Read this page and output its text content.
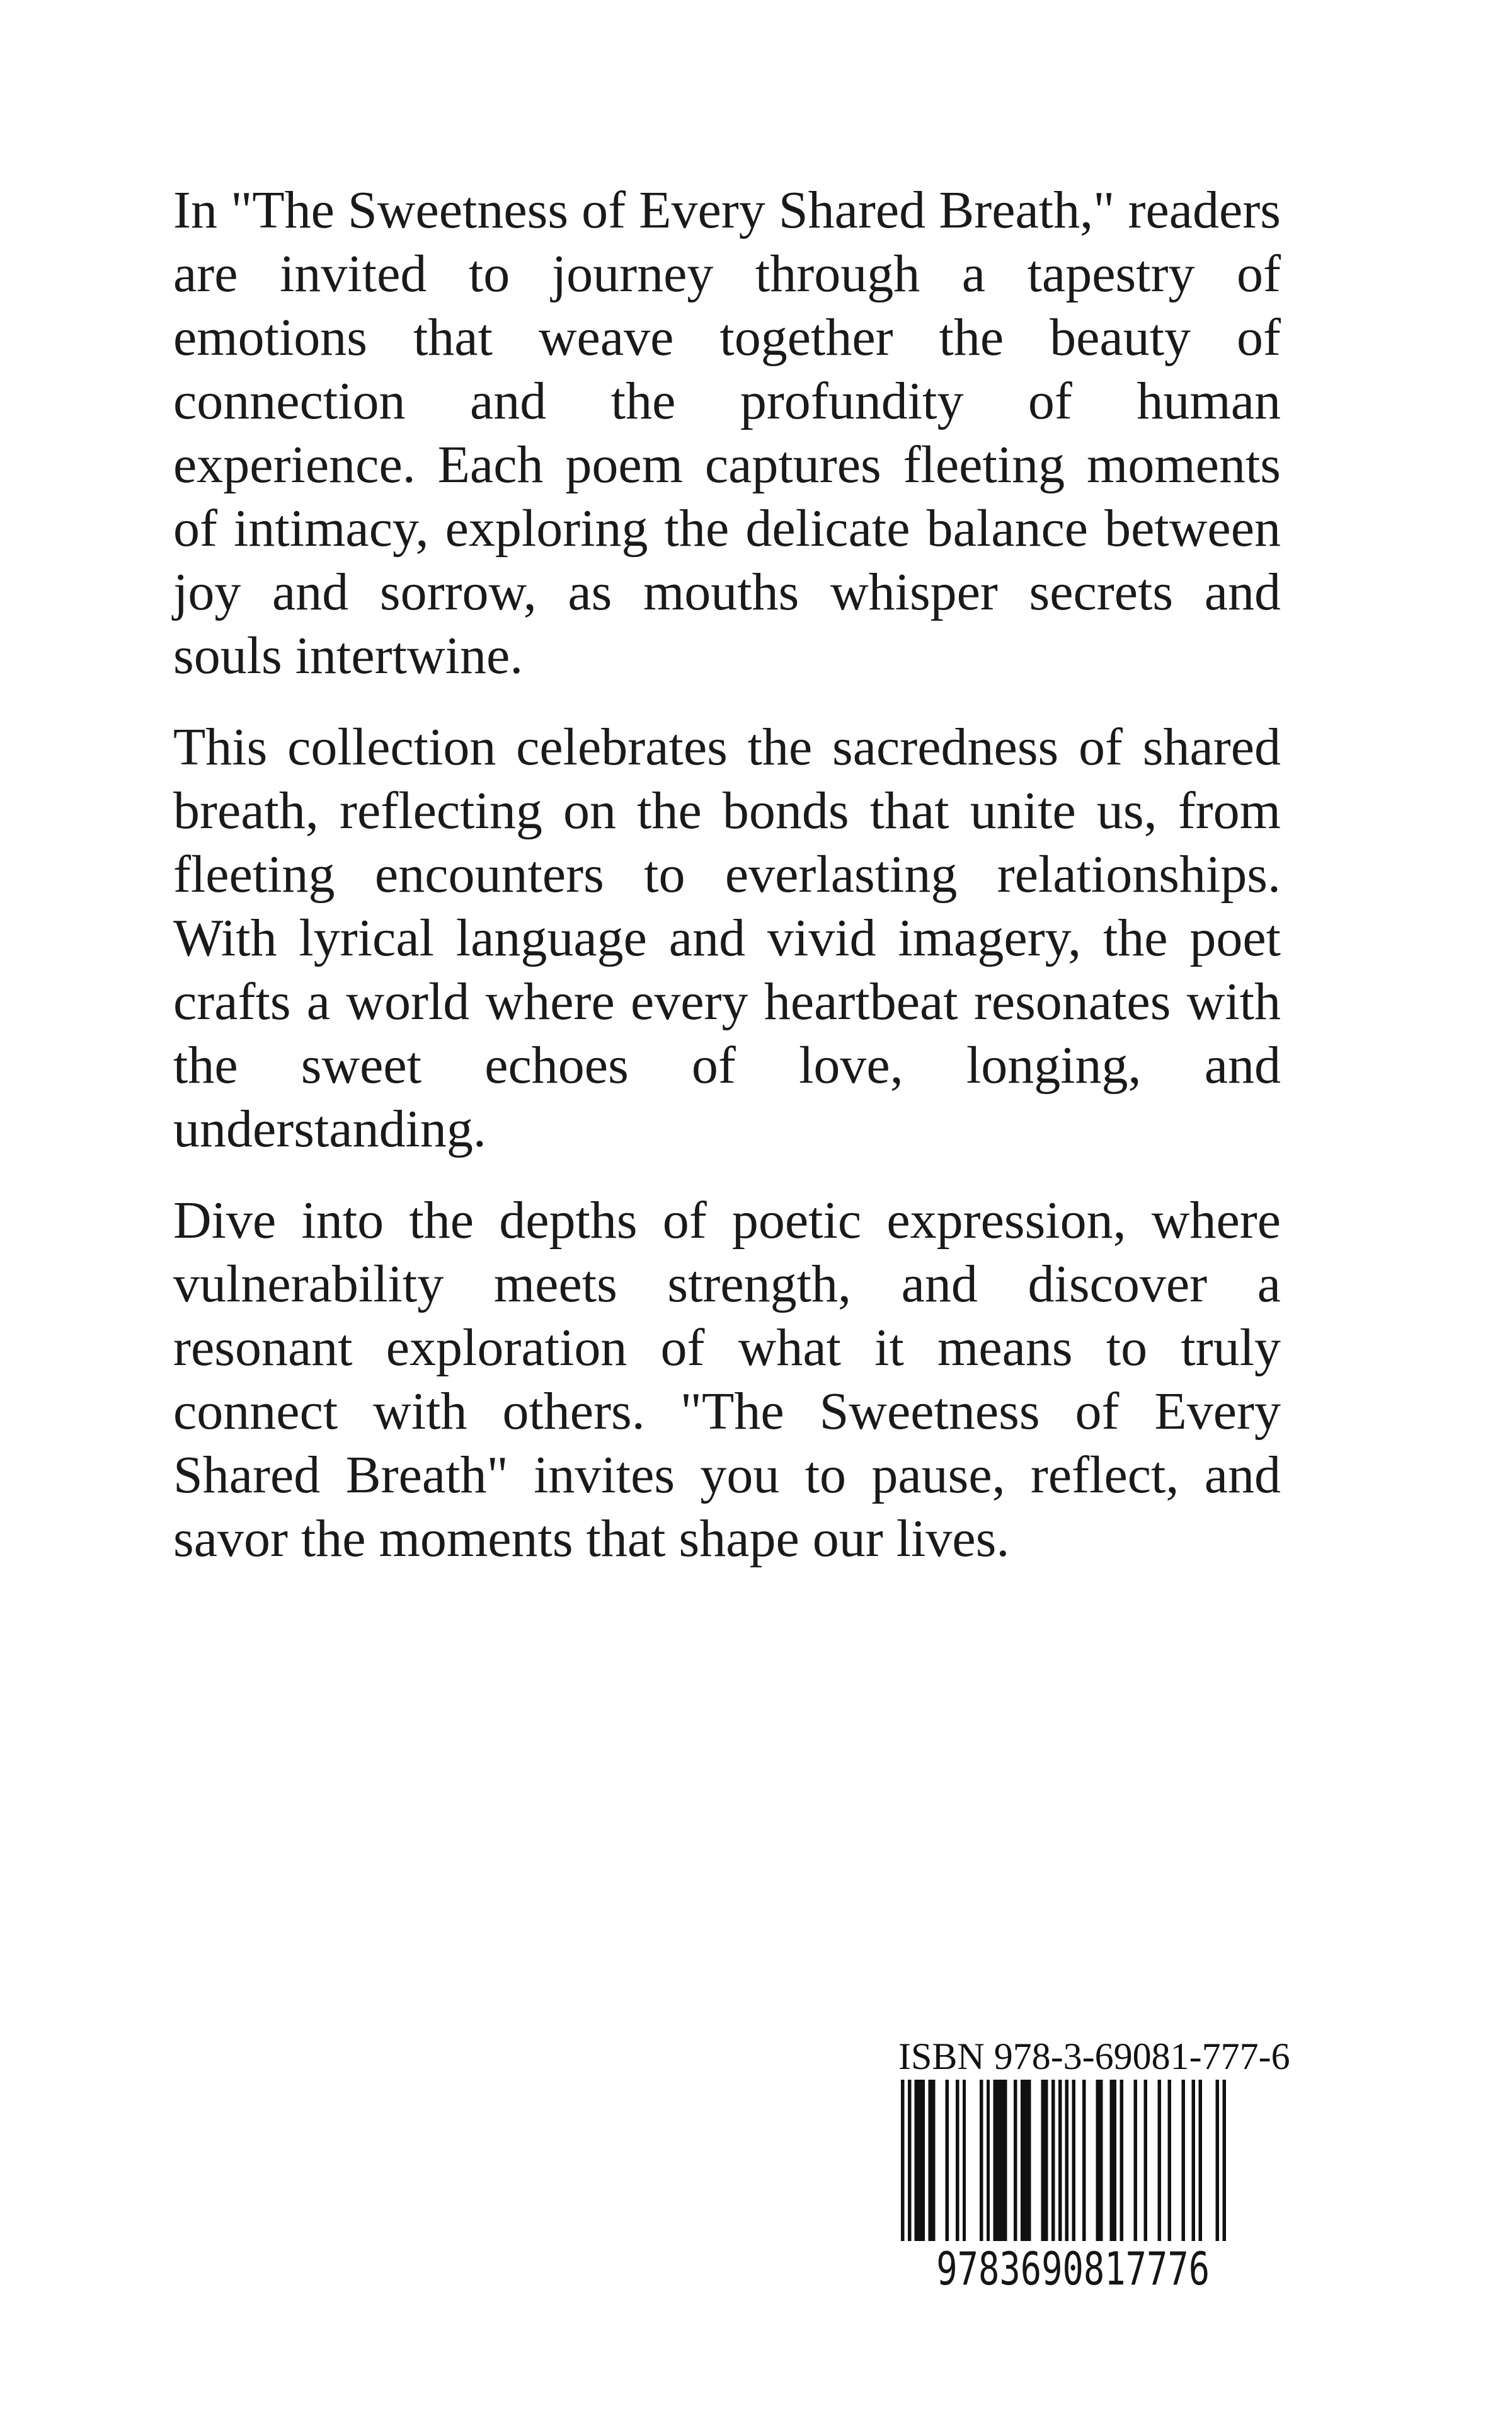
In "The Sweetness of Every Shared Breath," readers
are invited to journey through a tapestry of
emotions that weave together the beauty of
connection and the profundity of human
experience. Each poem captures fleeting moments
of intimacy, exploring the delicate balance between
joy and sorrow, as mouths whisper secrets and
souls intertwine.

This collection celebrates the sacredness of shared
breath, reflecting on the bonds that unite us, from
fleeting encounters to everlasting relationships.
With lyrical language and vivid imagery, the poet
crafts a world where every heartbeat resonates with
the sweet echoes of love, longing, and
understanding.

Dive into the depths of poetic expression, where
vulnerability meets strength, and discover a
resonant exploration of what it means to truly
connect with others. "The Sweetness of Every
Shared Breath" invites you to pause, reflect, and
savor the moments that shape our lives.

ISBN 978-3-69081-777-6
9783690817776
